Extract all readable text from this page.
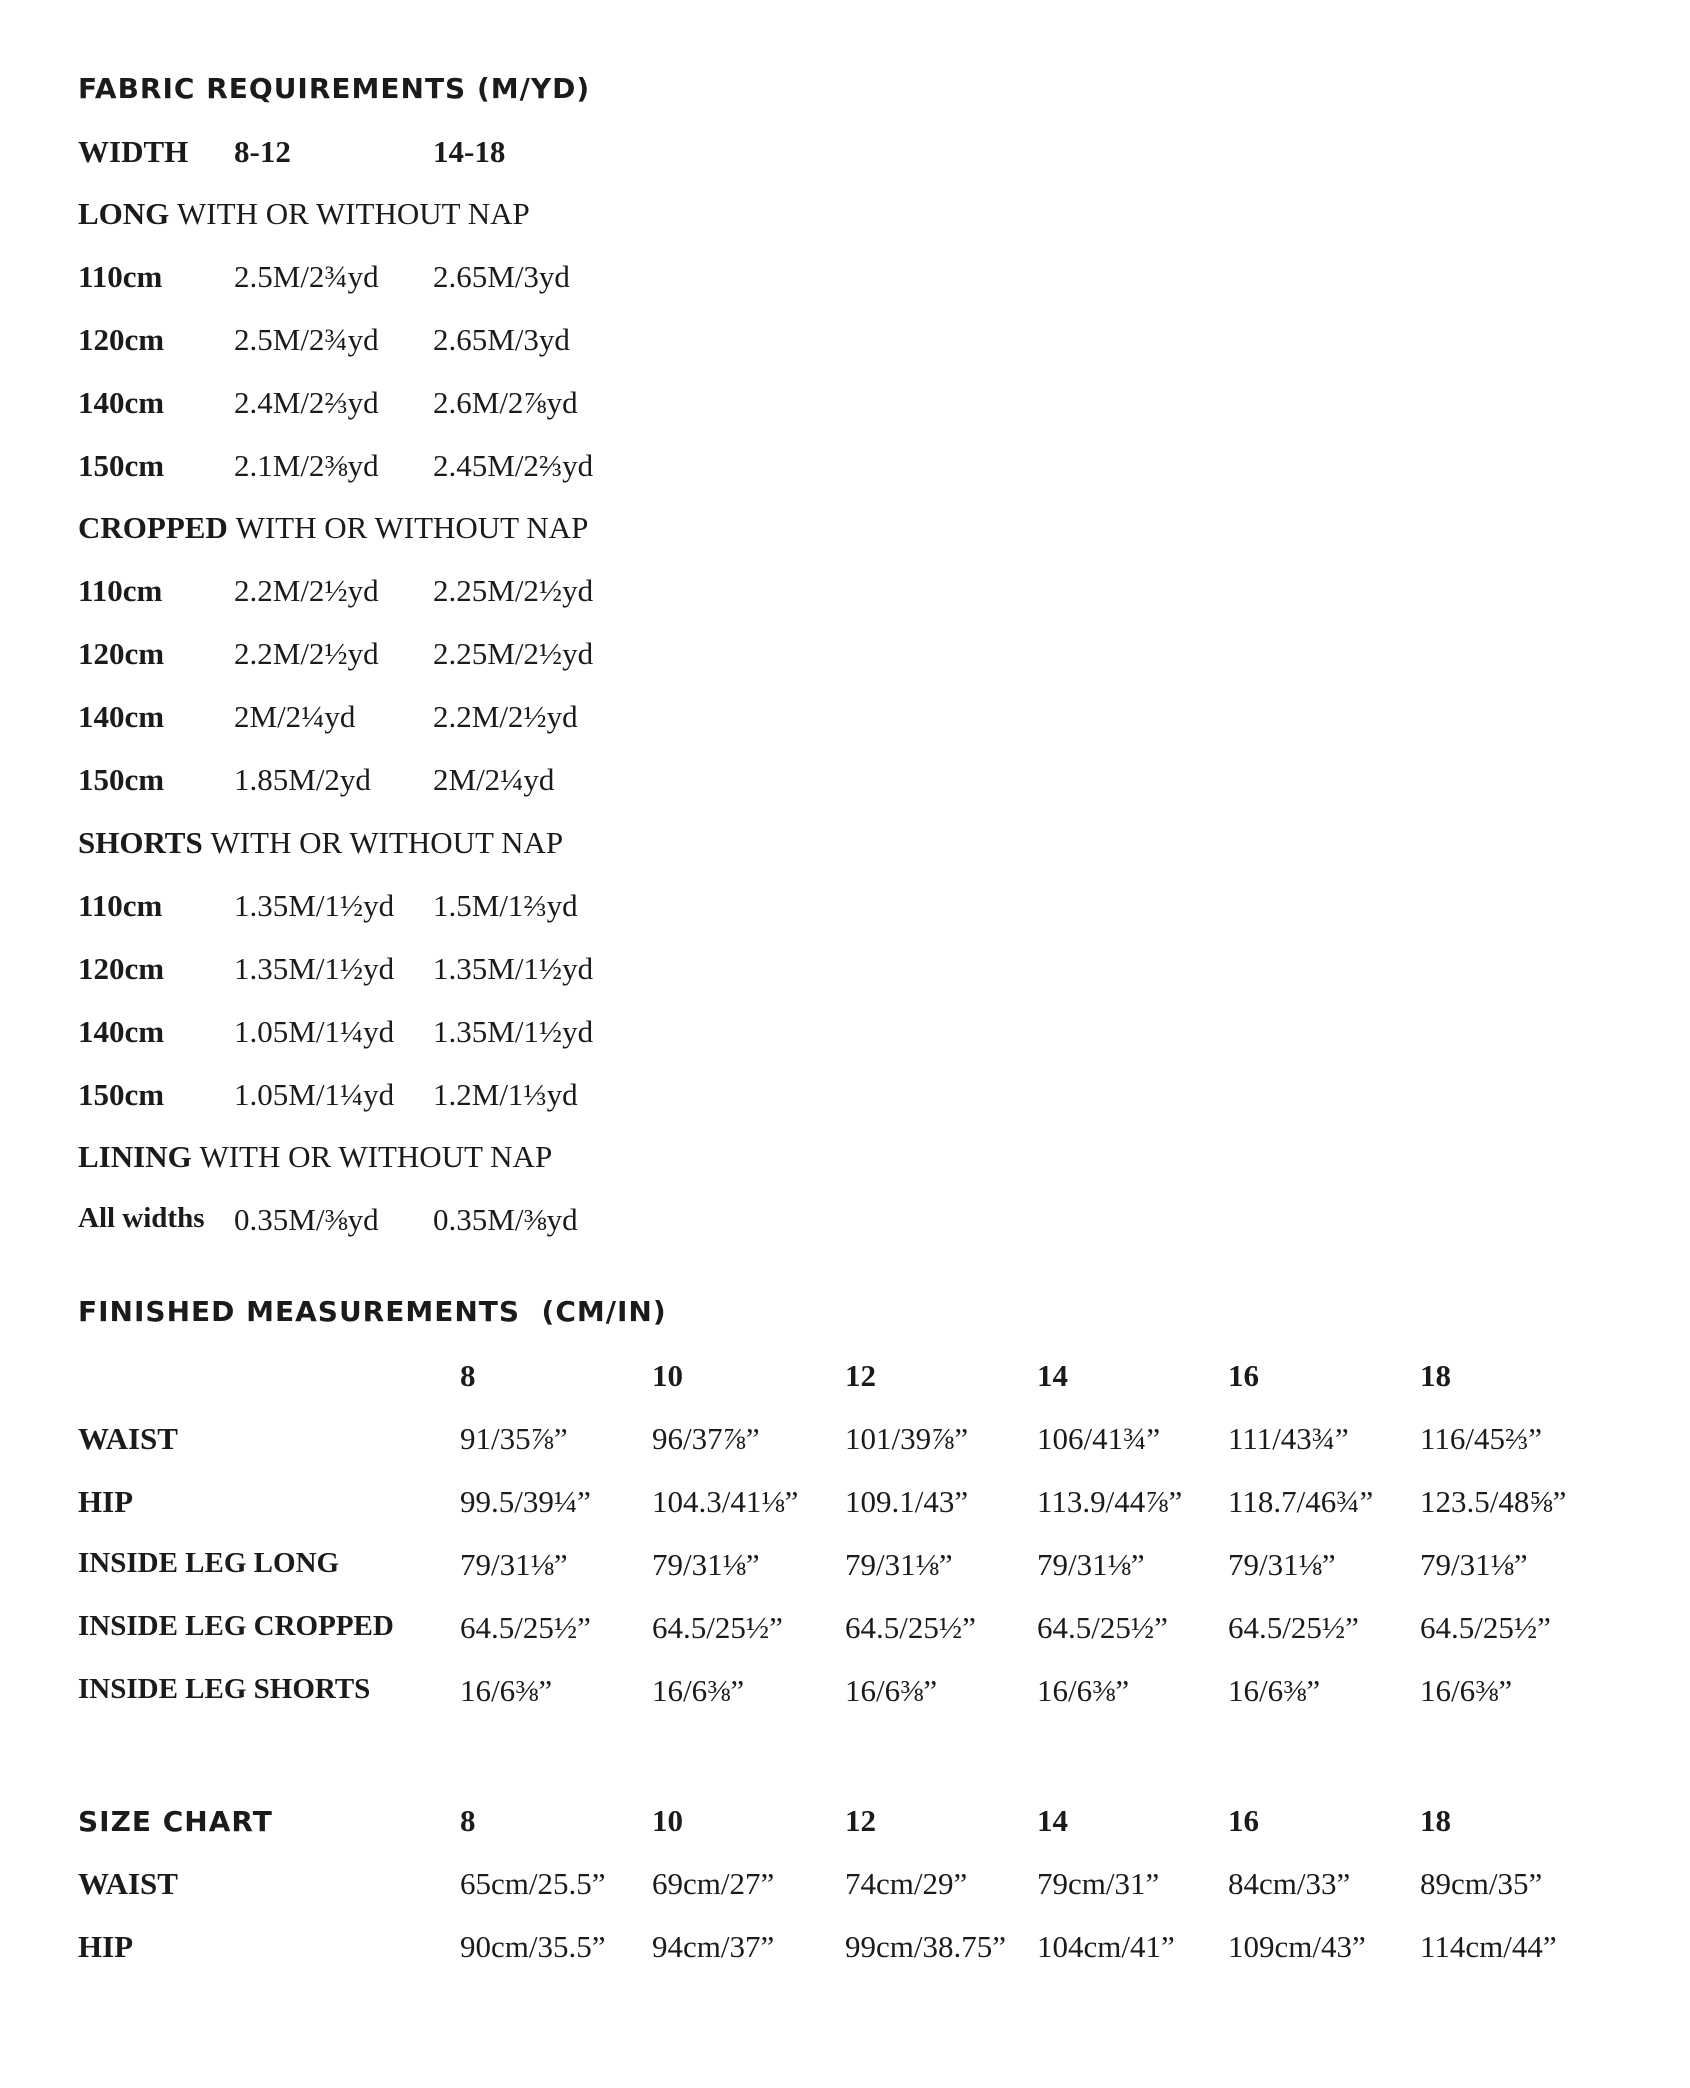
FABRIC REQUIREMENTS (M/YD)
WIDTH 8-12	14-18
LONG WITH OR WITHOUT NAP
110cm 2.5M/2¾yd 2.65M/3yd
120cm 2.5M/2¾yd 2.65M/3yd
140cm 2.4M/2⅔yd 2.6M/2⅞yd
150cm 2.1M/2⅜yd 2.45M/2⅔yd
CROPPED WITH OR WITHOUT NAP
110cm 2.2M/2½yd 2.25M/2½yd
120cm 2.2M/2½yd 2.25M/2½yd
140cm 2M/2¼yd	2.2M/2½yd
150cm 1.85M/2yd 2M/2¼yd
SHORTS WITH OR WITHOUT NAP
110cm 1.35M/1½yd 1.5M/1⅔yd
120cm 1.35M/1½yd 1.35M/1½yd
140cm 1.05M/1¼yd 1.35M/1½yd
150cm 1.05M/1¼yd 1.2M/1⅓yd
LINING WITH OR WITHOUT NAP
All widths 0.35M/⅜yd 0.35M/⅜yd
FINISHED MEASUREMENTS  (CM/IN)
8	10	12	14	16	18
WAIST	91/35⅞”	96/37⅞”	101/39⅞” 106/41¾” 111/43¾” 116/45⅔”
HIP	99.5/39¼” 104.3/41⅛” 109.1/43” 113.9/44⅞” 118.7/46¾” 123.5/48⅝”
INSIDE LEG LONG	79/31⅛”	79/31⅛”	79/31⅛”	79/31⅛”	79/31⅛”	79/31⅛”
INSIDE LEG CROPPED 64.5/25½” 64.5/25½” 64.5/25½” 64.5/25½” 64.5/25½” 64.5/25½”
INSIDE LEG SHORTS	16/6⅜”	16/6⅜”	16/6⅜”	16/6⅜”	16/6⅜”	16/6⅜”
SIZE CHART	8	10	12	14	16	18
WAIST	65cm/25.5” 69cm/27” 74cm/29” 79cm/31” 84cm/33” 89cm/35”
HIP	90cm/35.5” 94cm/37” 99cm/38.75” 104cm/41” 109cm/43” 114cm/44”
